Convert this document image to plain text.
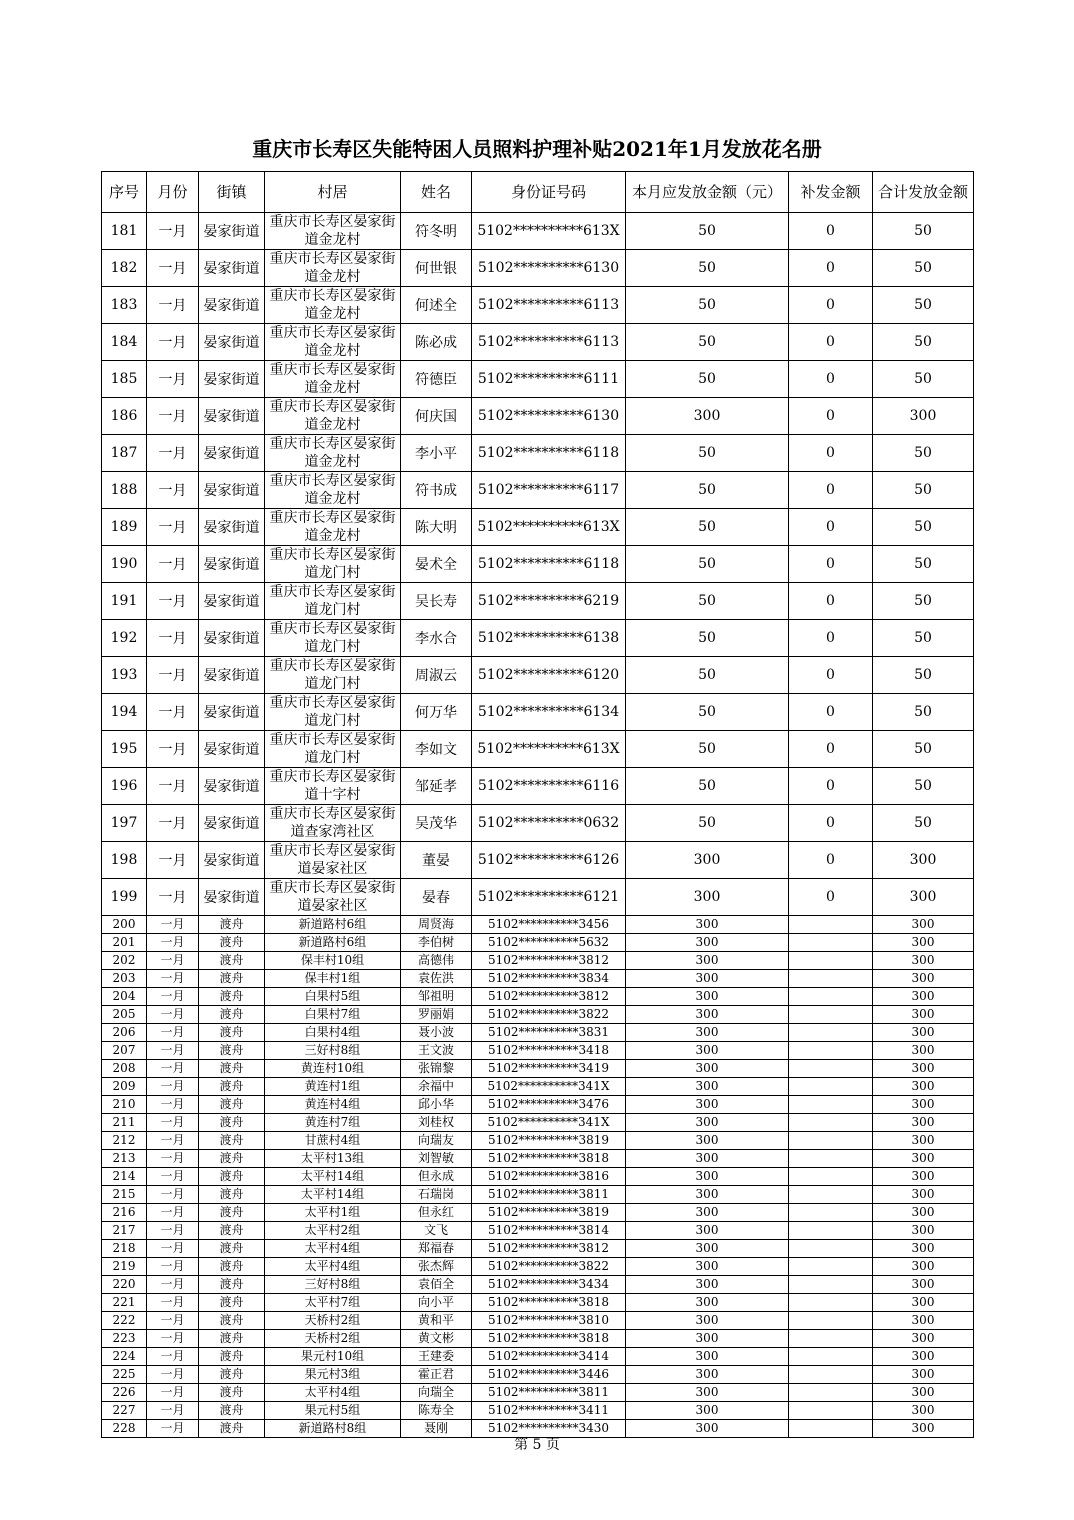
重庆市长寿区失能特困人员照料护理补贴2021年1月发放花名册
序号	月份	街镇	村居	姓名	身份证号码	本月应发放金额（元）	补发金额	合计发放金额
181	一月	晏家街道	重庆市长寿区晏家街道金龙村	符冬明	5102**********613X	50	0	50
182	一月	晏家街道	重庆市长寿区晏家街道金龙村	何世银	5102**********6130	50	0	50
183	一月	晏家街道	重庆市长寿区晏家街道金龙村	何述全	5102**********6113	50	0	50
184	一月	晏家街道	重庆市长寿区晏家街道金龙村	陈必成	5102**********6113	50	0	50
185	一月	晏家街道	重庆市长寿区晏家街道金龙村	符德臣	5102**********6111	50	0	50
186	一月	晏家街道	重庆市长寿区晏家街道金龙村	何庆国	5102**********6130	300	0	300
187	一月	晏家街道	重庆市长寿区晏家街道金龙村	李小平	5102**********6118	50	0	50
188	一月	晏家街道	重庆市长寿区晏家街道金龙村	符书成	5102**********6117	50	0	50
189	一月	晏家街道	重庆市长寿区晏家街道金龙村	陈大明	5102**********613X	50	0	50
190	一月	晏家街道	重庆市长寿区晏家街道龙门村	晏术全	5102**********6118	50	0	50
191	一月	晏家街道	重庆市长寿区晏家街道龙门村	吴长寿	5102**********6219	50	0	50
192	一月	晏家街道	重庆市长寿区晏家街道龙门村	李水合	5102**********6138	50	0	50
193	一月	晏家街道	重庆市长寿区晏家街道龙门村	周淑云	5102**********6120	50	0	50
194	一月	晏家街道	重庆市长寿区晏家街道龙门村	何万华	5102**********6134	50	0	50
195	一月	晏家街道	重庆市长寿区晏家街道龙门村	李如文	5102**********613X	50	0	50
196	一月	晏家街道	重庆市长寿区晏家街道十字村	邹延孝	5102**********6116	50	0	50
197	一月	晏家街道	重庆市长寿区晏家街道查家湾社区	吴茂华	5102**********0632	50	0	50
198	一月	晏家街道	重庆市长寿区晏家街道晏家社区	董晏	5102**********6126	300	0	300
199	一月	晏家街道	重庆市长寿区晏家街道晏家社区	晏春	5102**********6121	300	0	300
200	一月	渡舟	新道路村6组	周贤海	5102**********3456	300		300
201	一月	渡舟	新道路村6组	李伯树	5102**********5632	300		300
202	一月	渡舟	保丰村10组	高德伟	5102**********3812	300		300
203	一月	渡舟	保丰村1组	袁佐洪	5102**********3834	300		300
204	一月	渡舟	白果村5组	邹祖明	5102**********3812	300		300
205	一月	渡舟	白果村7组	罗丽娟	5102**********3822	300		300
206	一月	渡舟	白果村4组	聂小波	5102**********3831	300		300
207	一月	渡舟	三好村8组	王文波	5102**********3418	300		300
208	一月	渡舟	黄连村10组	张锦黎	5102**********3419	300		300
209	一月	渡舟	黄连村1组	余福中	5102**********341X	300		300
210	一月	渡舟	黄连村4组	邱小华	5102**********3476	300		300
211	一月	渡舟	黄连村7组	刘桂权	5102**********341X	300		300
212	一月	渡舟	甘蔗村4组	向瑞友	5102**********3819	300		300
213	一月	渡舟	太平村13组	刘智敏	5102**********3818	300		300
214	一月	渡舟	太平村14组	但永成	5102**********3816	300		300
215	一月	渡舟	太平村14组	石瑞岗	5102**********3811	300		300
216	一月	渡舟	太平村1组	但永红	5102**********3819	300		300
217	一月	渡舟	太平村2组	文飞	5102**********3814	300		300
218	一月	渡舟	太平村4组	郑福春	5102**********3812	300		300
219	一月	渡舟	太平村4组	张杰辉	5102**********3822	300		300
220	一月	渡舟	三好村8组	袁佰全	5102**********3434	300		300
221	一月	渡舟	太平村7组	向小平	5102**********3818	300		300
222	一月	渡舟	天桥村2组	黄和平	5102**********3810	300		300
223	一月	渡舟	天桥村2组	黄文彬	5102**********3818	300		300
224	一月	渡舟	果元村10组	王建委	5102**********3414	300		300
225	一月	渡舟	果元村3组	霍正君	5102**********3446	300		300
226	一月	渡舟	太平村4组	向瑞全	5102**********3811	300		300
227	一月	渡舟	果元村5组	陈寿全	5102**********3411	300		300
228	一月	渡舟	新道路村8组	聂刚	5102**********3430	300		300
第 5 页
